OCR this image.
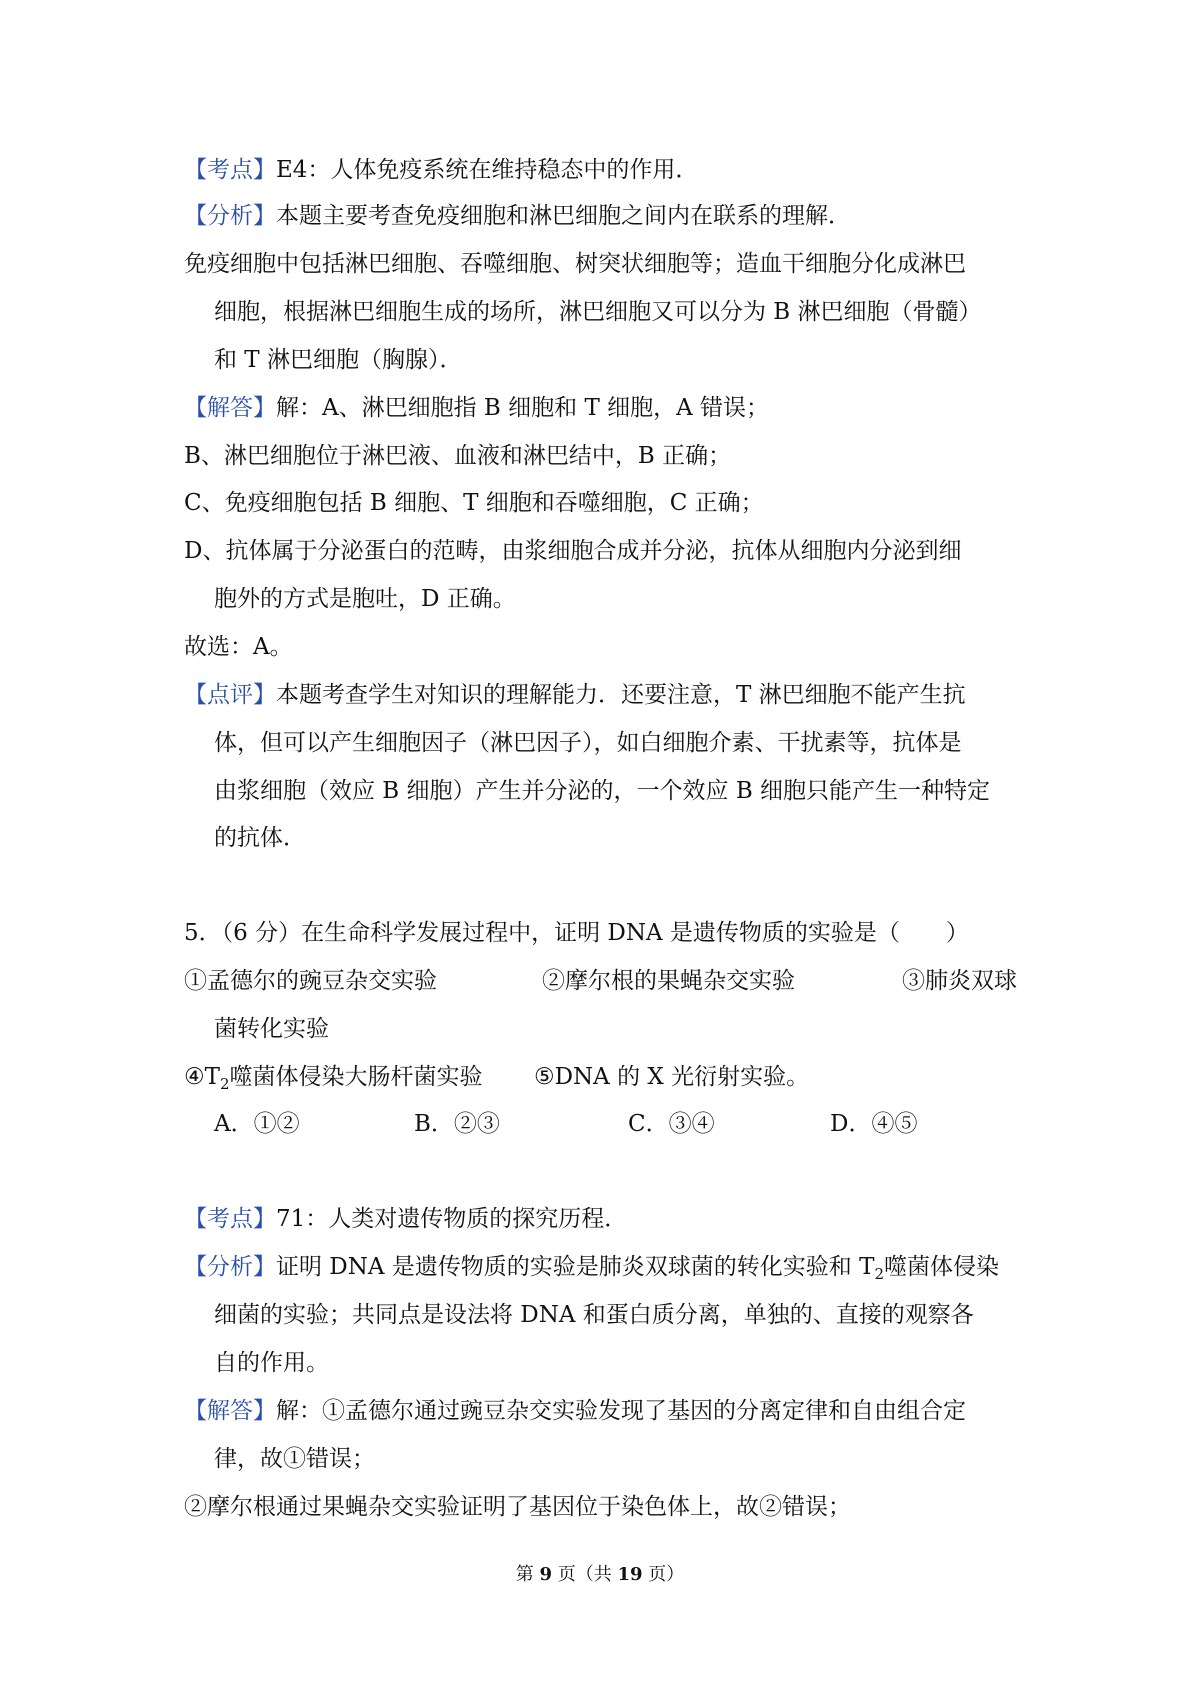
【考点】E4：人体免疫系统在维持稳态中的作用．
【分析】本题主要考查免疫细胞和淋巴细胞之间内在联系的理解．
免疫细胞中包括淋巴细胞、吞噬细胞、树突状细胞等；造血干细胞分化成淋巴
细胞，根据淋巴细胞生成的场所，淋巴细胞又可以分为 B 淋巴细胞（骨髓）
和 T 淋巴细胞（胸腺）．
【解答】解：A、淋巴细胞指 B 细胞和 T 细胞，A 错误；
B、淋巴细胞位于淋巴液、血液和淋巴结中，B 正确；
C、免疫细胞包括 B 细胞、T 细胞和吞噬细胞，C 正确；
D、抗体属于分泌蛋白的范畴，由浆细胞合成并分泌，抗体从细胞内分泌到细
胞外的方式是胞吐，D 正确。
故选：A。
【点评】本题考查学生对知识的理解能力．还要注意，T 淋巴细胞不能产生抗
体，但可以产生细胞因子（淋巴因子），如白细胞介素、干扰素等，抗体是
由浆细胞（效应 B 细胞）产生并分泌的，一个效应 B 细胞只能产生一种特定
的抗体．
5．（6 分）在生命科学发展过程中，证明 DNA 是遗传物质的实验是（　　）
①孟德尔的豌豆杂交实验	②摩尔根的果蝇杂交实验	③肺炎双球
菌转化实验
$④T_2$噬菌体侵染大肠杆菌实验 ⑤DNA 的 X 光衍射实验。
A．①②	B．②③	C．③④	D．④⑤
【考点】71：人类对遗传物质的探究历程．
【分析】证明 DNA 是遗传物质的实验是肺炎双球菌的转化实验和 $T_2$噬菌体侵染
细菌的实验；共同点是设法将 DNA 和蛋白质分离，单独的、直接的观察各
自的作用。
【解答】解：①孟德尔通过豌豆杂交实验发现了基因的分离定律和自由组合定
律，故①错误；
②摩尔根通过果蝇杂交实验证明了基因位于染色体上，故②错误；
第 9 页（共 19 页）
